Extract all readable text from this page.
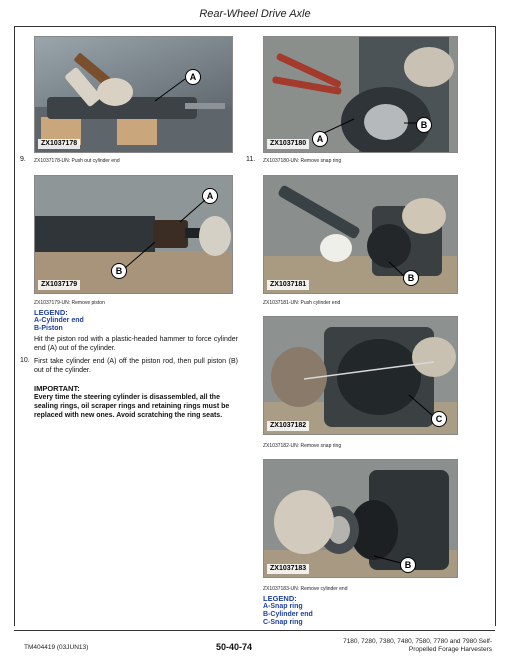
Rear-Wheel Drive Axle
A
ZX1037178	A
B
ZX1037180
9. ZX1037178-UN: Push out cylinder end	11. ZX1037180-UN: Remove snap ring
A
B
ZX1037179
B
ZX1037181
ZX1037179-UN: Remove piston	ZX1037181-UN: Push cylinder end
LEGEND:
A-Cylinder end
B-Piston
Hit the piston rod with a plastic-headed hammer to force cylinder end (A) out of the cylinder.
10. First take cylinder end (A) off the piston rod, then pull piston (B) out of the cylinder.
IMPORTANT:
Every time the steering cylinder is disassembled, all the sealing rings, oil scraper rings and retaining rings must be replaced with new ones. Avoid scratching the ring seats.	C
ZX1037182
ZX1037182-UN: Remove snap ring
B
ZX1037183
ZX1037183-UN: Remove cylinder end
LEGEND:
A-Snap ring
B-Cylinder end
C-Snap ring
TM404419 (03JUN13)	50-40-74
7180, 7280, 7380, 7480, 7580, 7780 and 7980 Self-
Propelled Forage Harvesters
